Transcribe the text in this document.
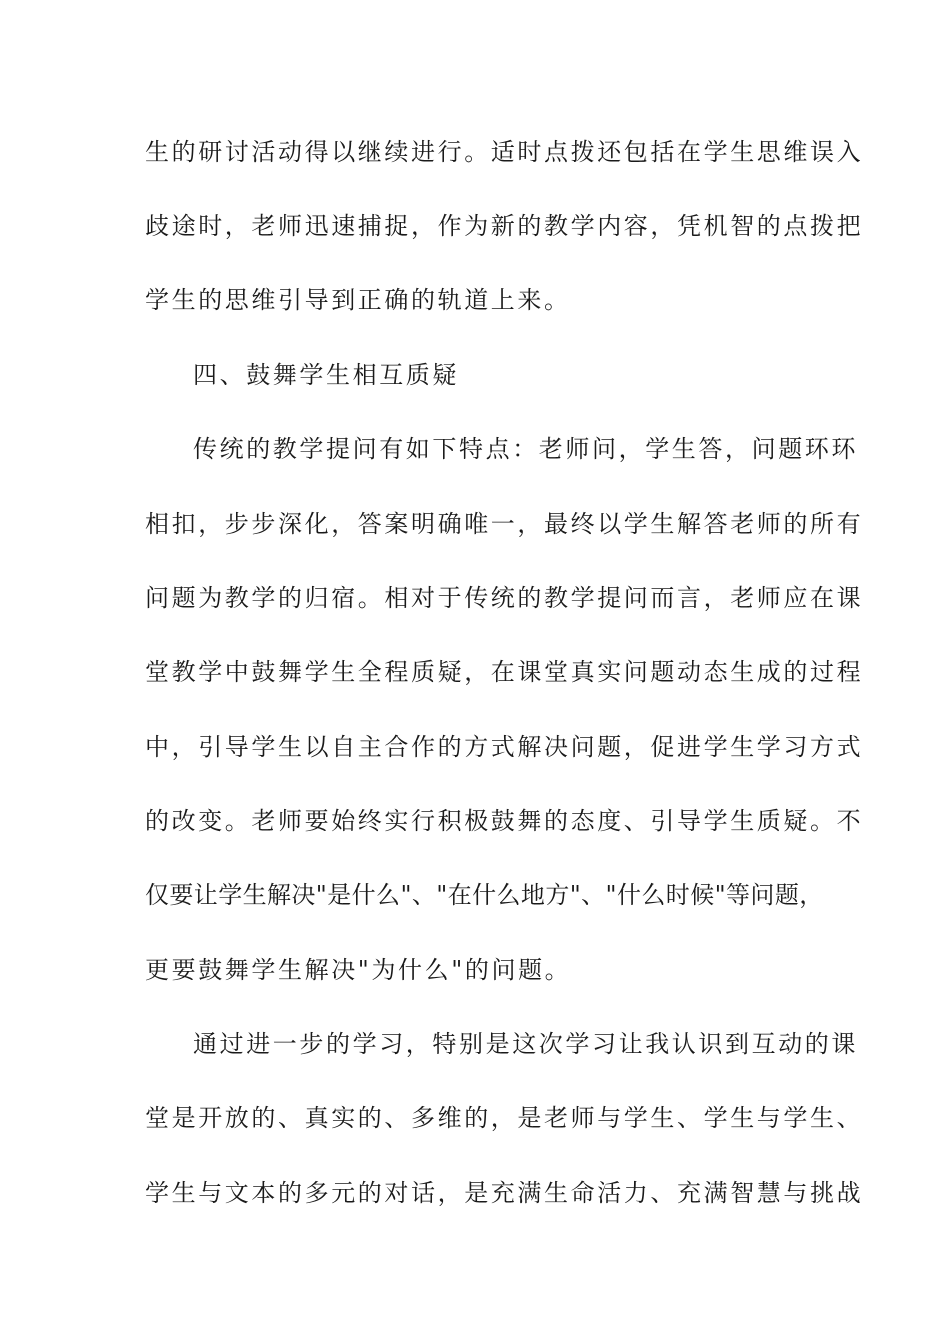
生的研讨活动得以继续进行。适时点拨还包括在学生思维误入
歧途时，老师迅速捕捉，作为新的教学内容，凭机智的点拨把
学生的思维引导到正确的轨道上来。
四、鼓舞学生相互质疑
传统的教学提问有如下特点：老师问，学生答，问题环环
相扣，步步深化，答案明确唯一，最终以学生解答老师的所有
问题为教学的归宿。相对于传统的教学提问而言，老师应在课
堂教学中鼓舞学生全程质疑，在课堂真实问题动态生成的过程
中，引导学生以自主合作的方式解决问题，促进学生学习方式
的改变。老师要始终实行积极鼓舞的态度、引导学生质疑。不
仅要让学生解决"是什么"、"在什么地方"、"什么时候"等问题，
更要鼓舞学生解决"为什么"的问题。
通过进一步的学习，特别是这次学习让我认识到互动的课
堂是开放的、真实的、多维的，是老师与学生、学生与学生、
学生与文本的多元的对话，是充满生命活力、充满智慧与挑战
